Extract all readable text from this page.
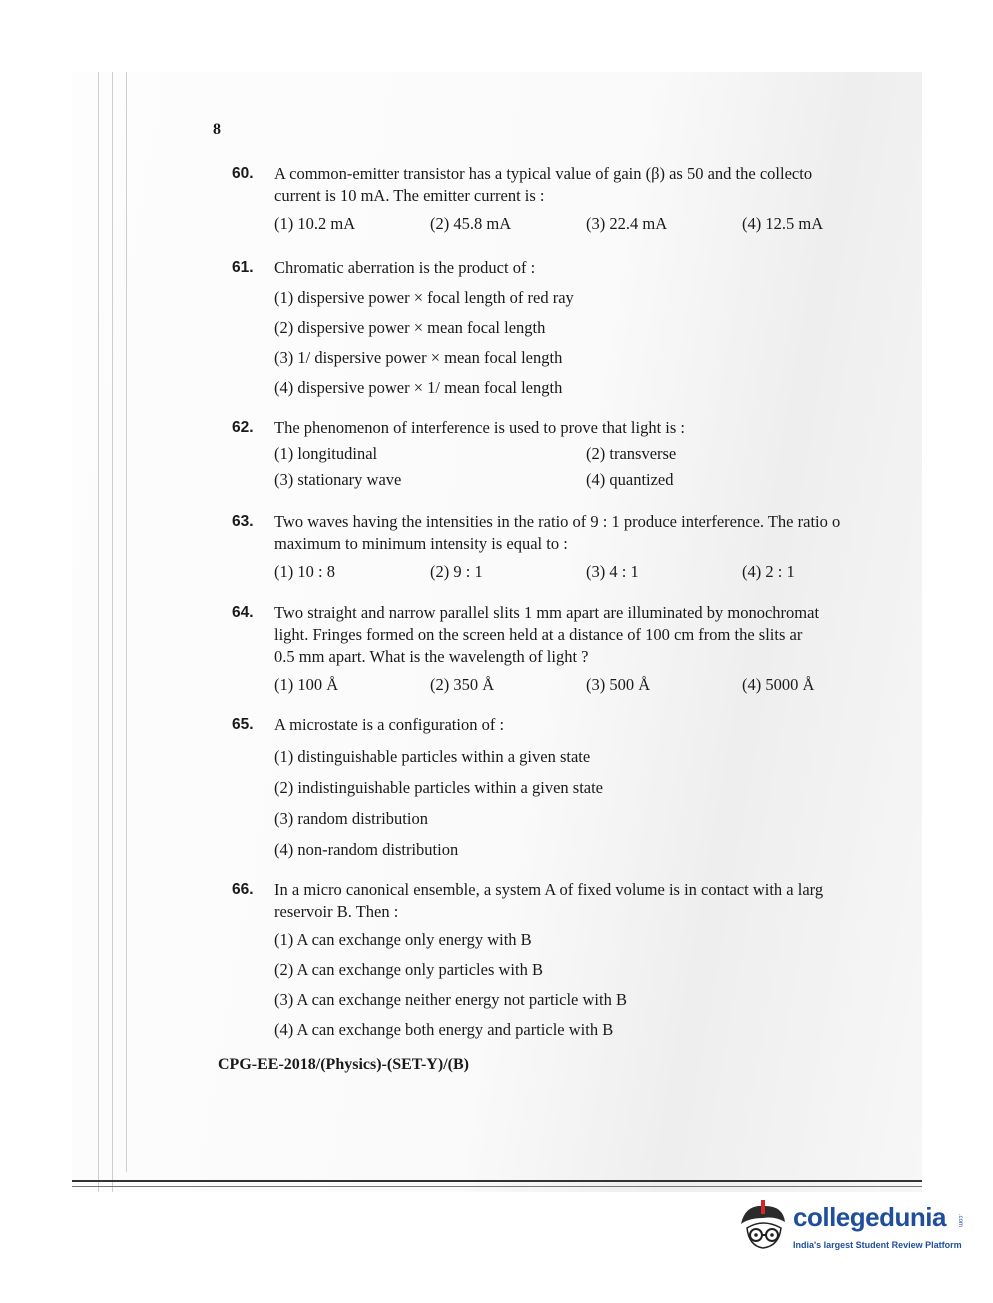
8
60. A common-emitter transistor has a typical value of gain (β) as 50 and the collecto
current is 10 mA. The emitter current is :
(1) 10.2 mA	(2) 45.8 mA	(3) 22.4 mA	(4) 12.5 mA
61. Chromatic aberration is the product of :
(1) dispersive power × focal length of red ray
(2) dispersive power × mean focal length
(3) 1/ dispersive power × mean focal length
(4) dispersive power × 1/ mean focal length
62. The phenomenon of interference is used to prove that light is :
(1) longitudinal	(2) transverse
(3) stationary wave	(4) quantized
63. Two waves having the intensities in the ratio of 9 : 1 produce interference. The ratio o
maximum to minimum intensity is equal to :
(1) 10 : 8	(2) 9 : 1	(3) 4 : 1	(4) 2 : 1
64. Two straight and narrow parallel slits 1 mm apart are illuminated by monochromat
light. Fringes formed on the screen held at a distance of 100 cm from the slits ar
0.5 mm apart. What is the wavelength of light ?
(1) 100 Å	(2) 350 Å	(3) 500 Å	(4) 5000 Å
65. A microstate is a configuration of :
(1) distinguishable particles within a given state
(2) indistinguishable particles within a given state
(3) random distribution
(4) non-random distribution
66. In a micro canonical ensemble, a system A of fixed volume is in contact with a larg
reservoir B. Then :
(1) A can exchange only energy with B
(2) A can exchange only particles with B
(3) A can exchange neither energy not particle with B
(4) A can exchange both energy and particle with B
CPG-EE-2018/(Physics)-(SET-Y)/(B)
collegedunia .com
India's largest Student Review Platform
